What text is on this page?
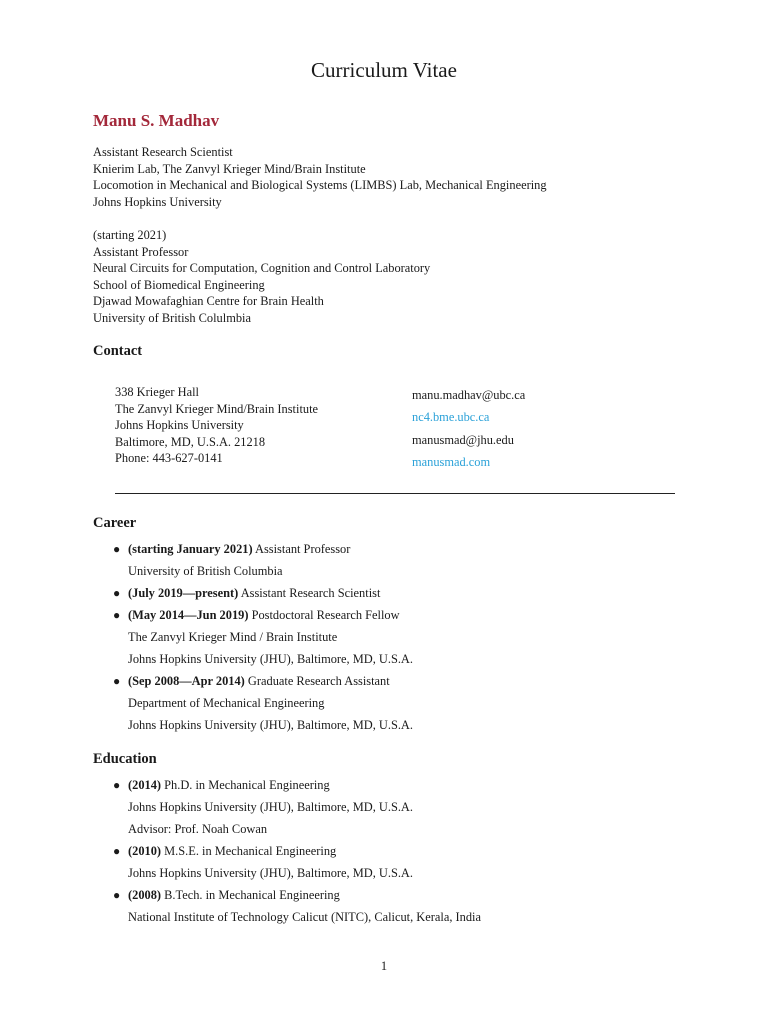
Curriculum Vitae
Manu S. Madhav
Assistant Research Scientist
Knierim Lab, The Zanvyl Krieger Mind/Brain Institute
Locomotion in Mechanical and Biological Systems (LIMBS) Lab, Mechanical Engineering
Johns Hopkins University
(starting 2021)
Assistant Professor
Neural Circuits for Computation, Cognition and Control Laboratory
School of Biomedical Engineering
Djawad Mowafaghian Centre for Brain Health
University of British Colulmbia
Contact
338 Krieger Hall
The Zanvyl Krieger Mind/Brain Institute
Johns Hopkins University
Baltimore, MD, U.S.A. 21218
Phone: 443-627-0141
manu.madhav@ubc.ca
nc4.bme.ubc.ca
manusmad@jhu.edu
manusmad.com
Career
● (starting January 2021) Assistant Professor
University of British Columbia
● (July 2019—present) Assistant Research Scientist
● (May 2014—Jun 2019) Postdoctoral Research Fellow
The Zanvyl Krieger Mind / Brain Institute
Johns Hopkins University (JHU), Baltimore, MD, U.S.A.
● (Sep 2008—Apr 2014) Graduate Research Assistant
Department of Mechanical Engineering
Johns Hopkins University (JHU), Baltimore, MD, U.S.A.
Education
● (2014) Ph.D. in Mechanical Engineering
Johns Hopkins University (JHU), Baltimore, MD, U.S.A.
Advisor: Prof. Noah Cowan
● (2010) M.S.E. in Mechanical Engineering
Johns Hopkins University (JHU), Baltimore, MD, U.S.A.
● (2008) B.Tech. in Mechanical Engineering
National Institute of Technology Calicut (NITC), Calicut, Kerala, India
1
